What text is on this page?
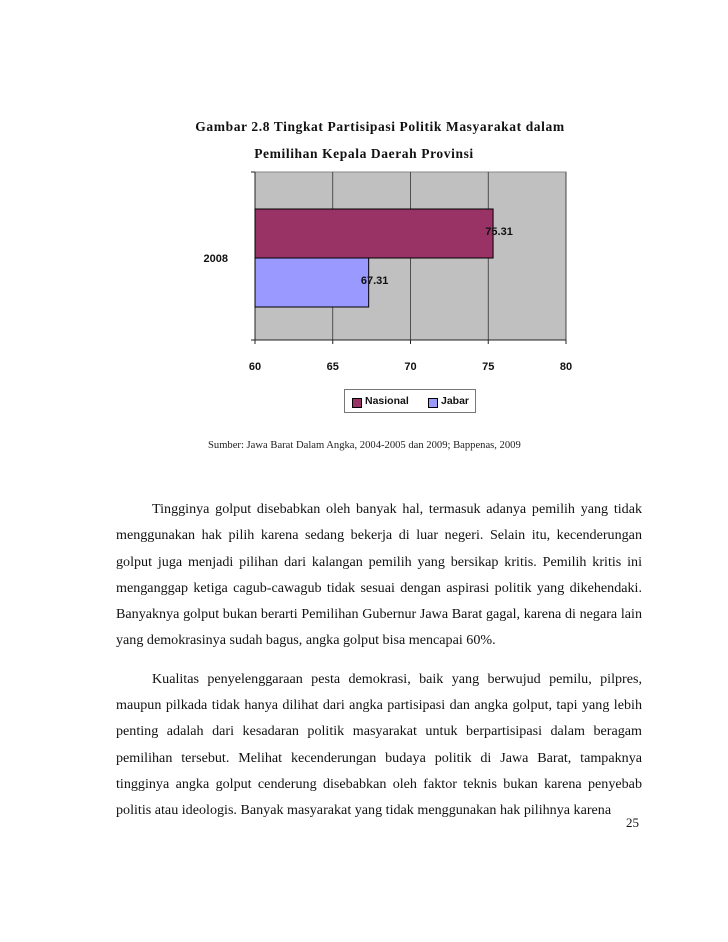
Gambar 2.8 Tingkat Partisipasi Politik Masyarakat dalam
Pemilihan Kepala Daerah Provinsi
60	65	70	75	80
75.31
67.31
2008
Nasional	Jabar
Sumber: Jawa Barat Dalam Angka, 2004-2005 dan 2009; Bappenas, 2009

Tingginya golput disebabkan oleh banyak hal, termasuk adanya pemilih yang tidak menggunakan hak pilih karena sedang bekerja di luar negeri. Selain itu, kecenderungan golput juga menjadi pilihan dari kalangan pemilih yang bersikap kritis. Pemilih kritis ini menganggap ketiga cagub-cawagub tidak sesuai dengan aspirasi politik yang dikehendaki. Banyaknya golput bukan berarti Pemilihan Gubernur Jawa Barat gagal, karena di negara lain yang demokrasinya sudah bagus, angka golput bisa mencapai 60%.

Kualitas penyelenggaraan pesta demokrasi, baik yang berwujud pemilu, pilpres, maupun pilkada tidak hanya dilihat dari angka partisipasi dan angka golput, tapi yang lebih penting adalah dari kesadaran politik masyarakat untuk berpartisipasi dalam beragam pemilihan tersebut. Melihat kecenderungan budaya politik di Jawa Barat, tampaknya tingginya angka golput cenderung disebabkan oleh faktor teknis bukan karena penyebab politis atau ideologis. Banyak masyarakat yang tidak menggunakan hak pilihnya karena

25
